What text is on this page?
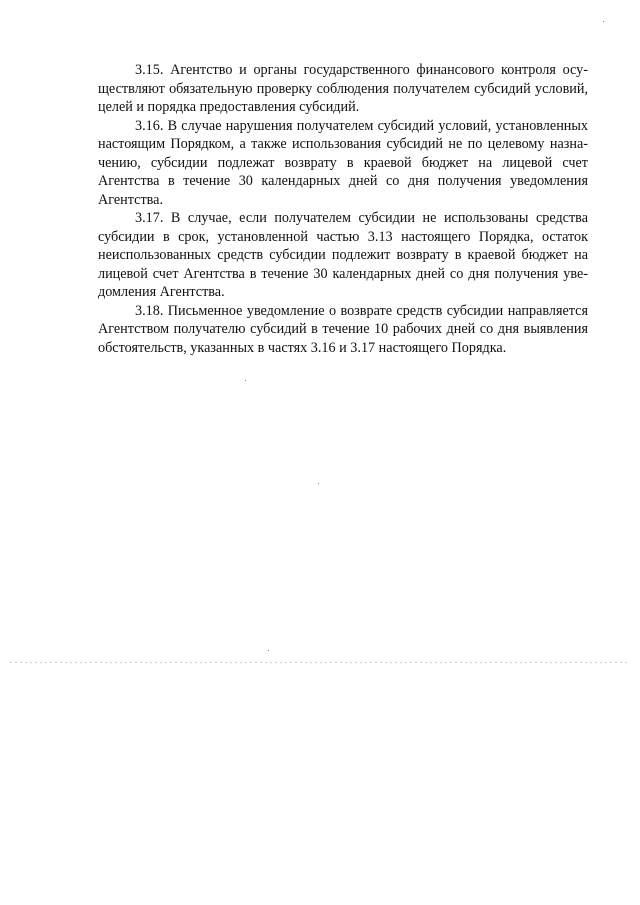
3.15. Агентство и органы государственного финансового контроля осуществляют обязательную проверку соблюдения получателем субсидий условий, целей и порядка предоставления субсидий.

3.16. В случае нарушения получателем субсидий условий, установленных настоящим Порядком, а также использования субсидий не по целевому назначению, субсидии подлежат возврату в краевой бюджет на лицевой счет Агентства в течение 30 календарных дней со дня получения уведомления Агентства.

3.17. В случае, если получателем субсидии не использованы средства субсидии в срок, установленной частью 3.13 настоящего Порядка, остаток неиспользованных средств субсидии подлежит возврату в краевой бюджет на лицевой счет Агентства в течение 30 календарных дней со дня получения уведомления Агентства.

3.18. Письменное уведомление о возврате средств субсидии направляется Агентством получателю субсидий в течение 10 рабочих дней со дня выявления обстоятельств, указанных в частях 3.16 и 3.17 настоящего Порядка.
